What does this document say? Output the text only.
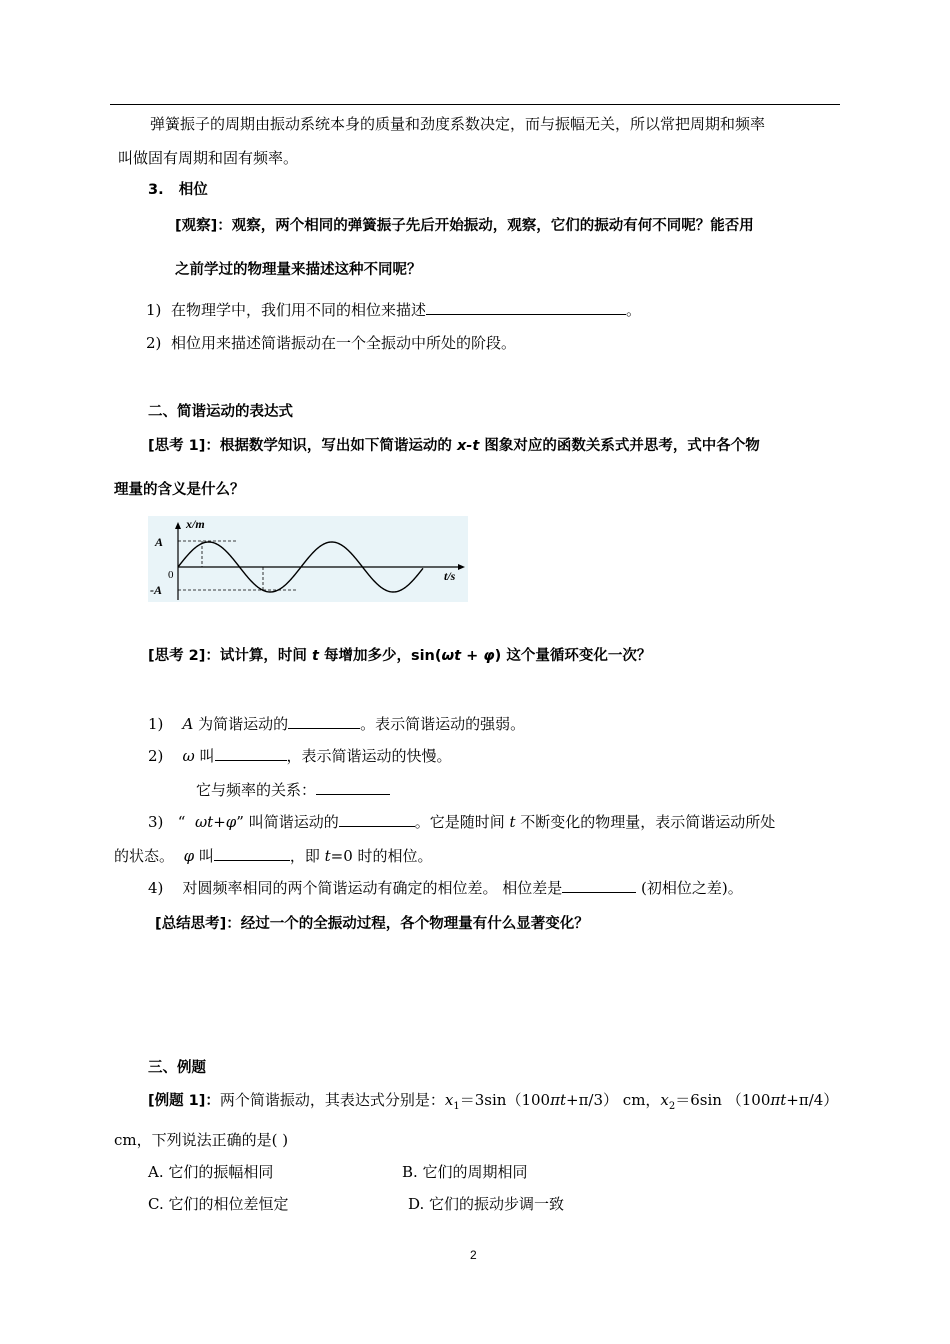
弹簧振子的周期由振动系统本身的质量和劲度系数决定，而与振幅无关，所以常把周期和频率
叫做固有周期和固有频率。
3. 相位
[观察]：观察，两个相同的弹簧振子先后开始振动，观察，它们的振动有何不同呢？能否用
之前学过的物理量来描述这种不同呢？
1) 在物理学中，我们用不同的相位来描述	。
2) 相位用来描述简谐振动在一个全振动中所处的阶段。
二、简谐运动的表达式
[思考 1]：根据数学知识，写出如下简谐运动的 x-t 图象对应的函数关系式并思考，式中各个物
理量的含义是什么？
x/m
t/s
A
-A
0
[思考 2]：试计算，时间 t 每增加多少，sin(ωt + φ) 这个量循环变化一次？
1) A 为简谐运动的	。表示简谐运动的强弱。
2) ω 叫	，表示简谐运动的快慢。
它与频率的关系：
3) “ ωt+φ” 叫简谐运动的	。它是随时间 t 不断变化的物理量，表示简谐运动所处
的状态。  φ 叫	，即 t=0 时的相位。
4) 对圆频率相同的两个简谐运动有确定的相位差。 相位差是	(初相位之差)。
[总结思考]：经过一个的全振动过程，各个物理量有什么显著变化？
三、例题
[例题 1]：两个简谐振动，其表达式分别是：$x_1=3\sin(100\pi t+\pi/3)$ cm，$x_2=6\sin$ （100πt+π/4）
cm，下列说法正确的是( )
A. 它们的振幅相同	B. 它们的周期相同
C. 它们的相位差恒定	D. 它们的振动步调一致
2
